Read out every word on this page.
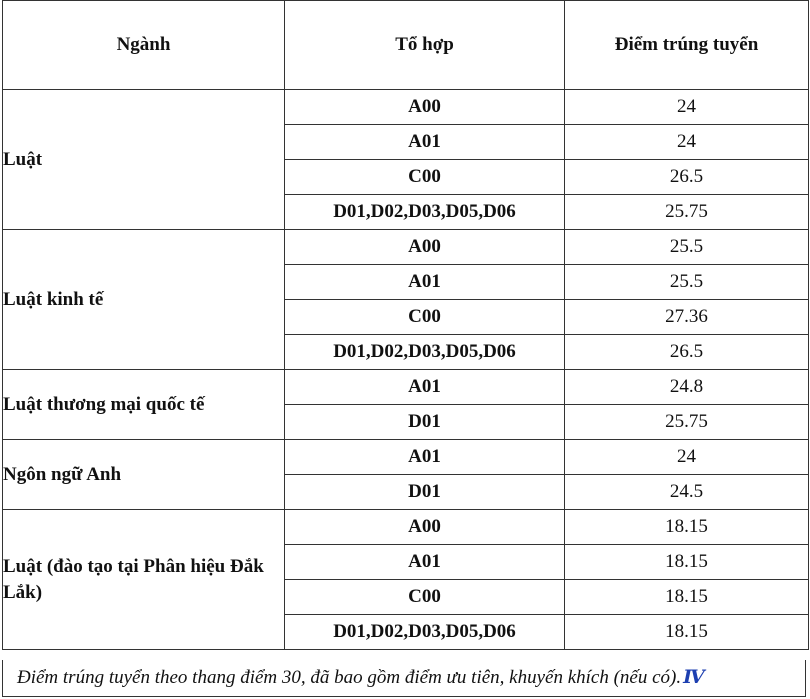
Ngành	Tổ hợp	Điểm trúng tuyển
Luật	A00	24
	A01	24
	C00	26.5
	D01,D02,D03,D05,D06	25.75
Luật kinh tế	A00	25.5
	A01	25.5
	C00	27.36
	D01,D02,D03,D05,D06	26.5
Luật thương mại quốc tế	A01	24.8
	D01	25.75
Ngôn ngữ Anh	A01	24
	D01	24.5
Luật (đào tạo tại Phân hiệu Đắk Lắk)	A00	18.15
	A01	18.15
	C00	18.15
	D01,D02,D03,D05,D06	18.15
Điểm trúng tuyển theo thang điểm 30, đã bao gồm điểm ưu tiên, khuyến khích (nếu có). Ⅳ
